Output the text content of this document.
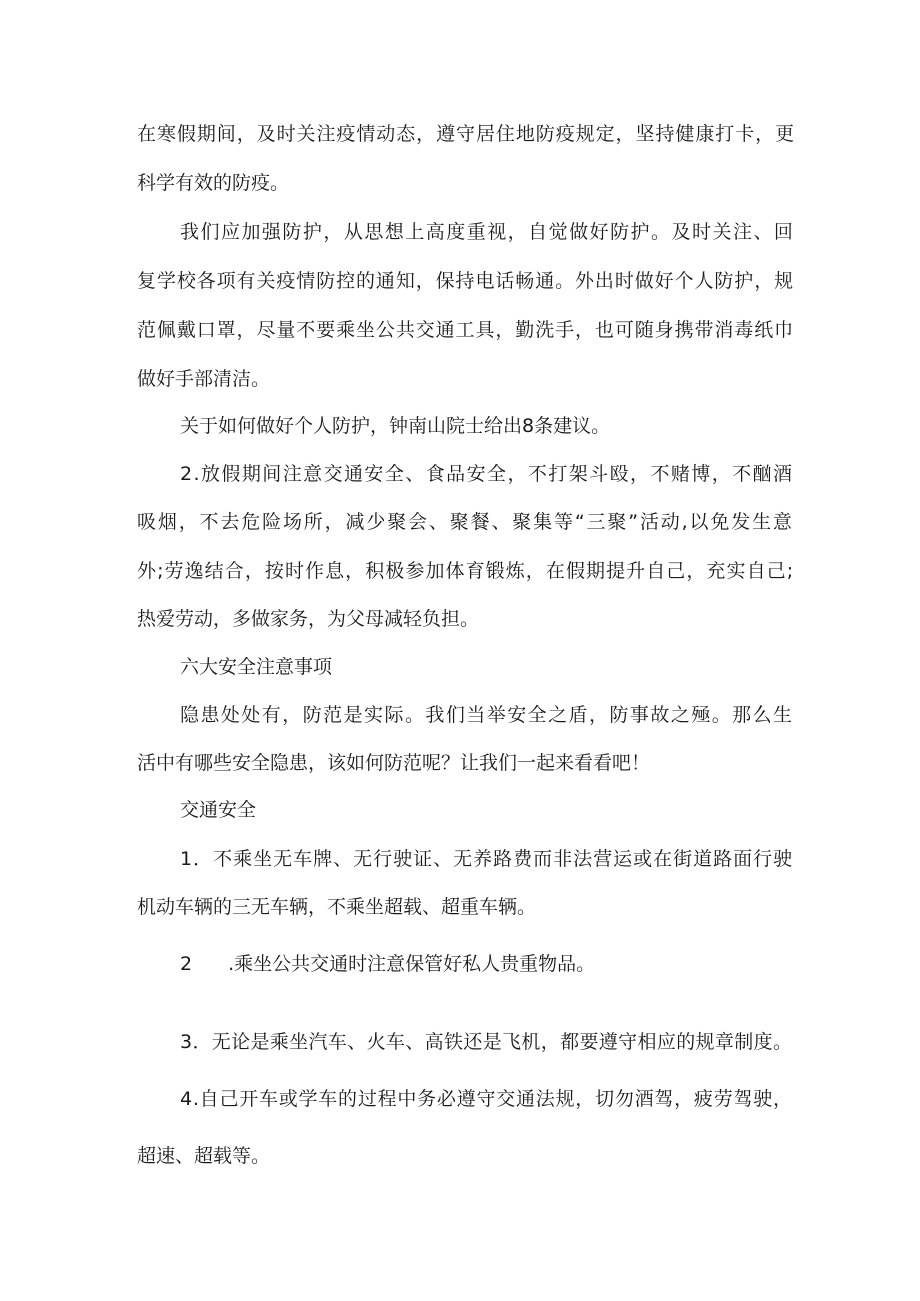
在寒假期间，及时关注疫情动态，遵守居住地防疫规定，坚持健康打卡，更
科学有效的防疫。
我们应加强防护，从思想上高度重视，自觉做好防护。及时关注、回
复学校各项有关疫情防控的通知，保持电话畅通。外出时做好个人防护，规
范佩戴口罩，尽量不要乘坐公共交通工具，勤洗手，也可随身携带消毒纸巾
做好手部清洁。
关于如何做好个人防护，钟南山院士给出8条建议。
2.放假期间注意交通安全、食品安全，不打架斗殴，不赌博，不酗酒
吸烟，不去危险场所，减少聚会、聚餐、聚集等“三聚”活动,以免发生意
外;劳逸结合，按时作息，积极参加体育锻炼，在假期提升自己，充实自己;
热爱劳动，多做家务，为父母减轻负担。
六大安全注意事项
隐患处处有，防范是实际。我们当举安全之盾，防事故之殛。那么生
活中有哪些安全隐患，该如何防范呢？让我们一起来看看吧！
交通安全
1．不乘坐无车牌、无行驶证、无养路费而非法营运或在街道路面行驶
机动车辆的三无车辆，不乘坐超载、超重车辆。
2 .乘坐公共交通时注意保管好私人贵重物品。
3．无论是乘坐汽车、火车、高铁还是飞机，都要遵守相应的规章制度。
4.自己开车或学车的过程中务必遵守交通法规，切勿酒驾，疲劳驾驶，
超速、超载等。
